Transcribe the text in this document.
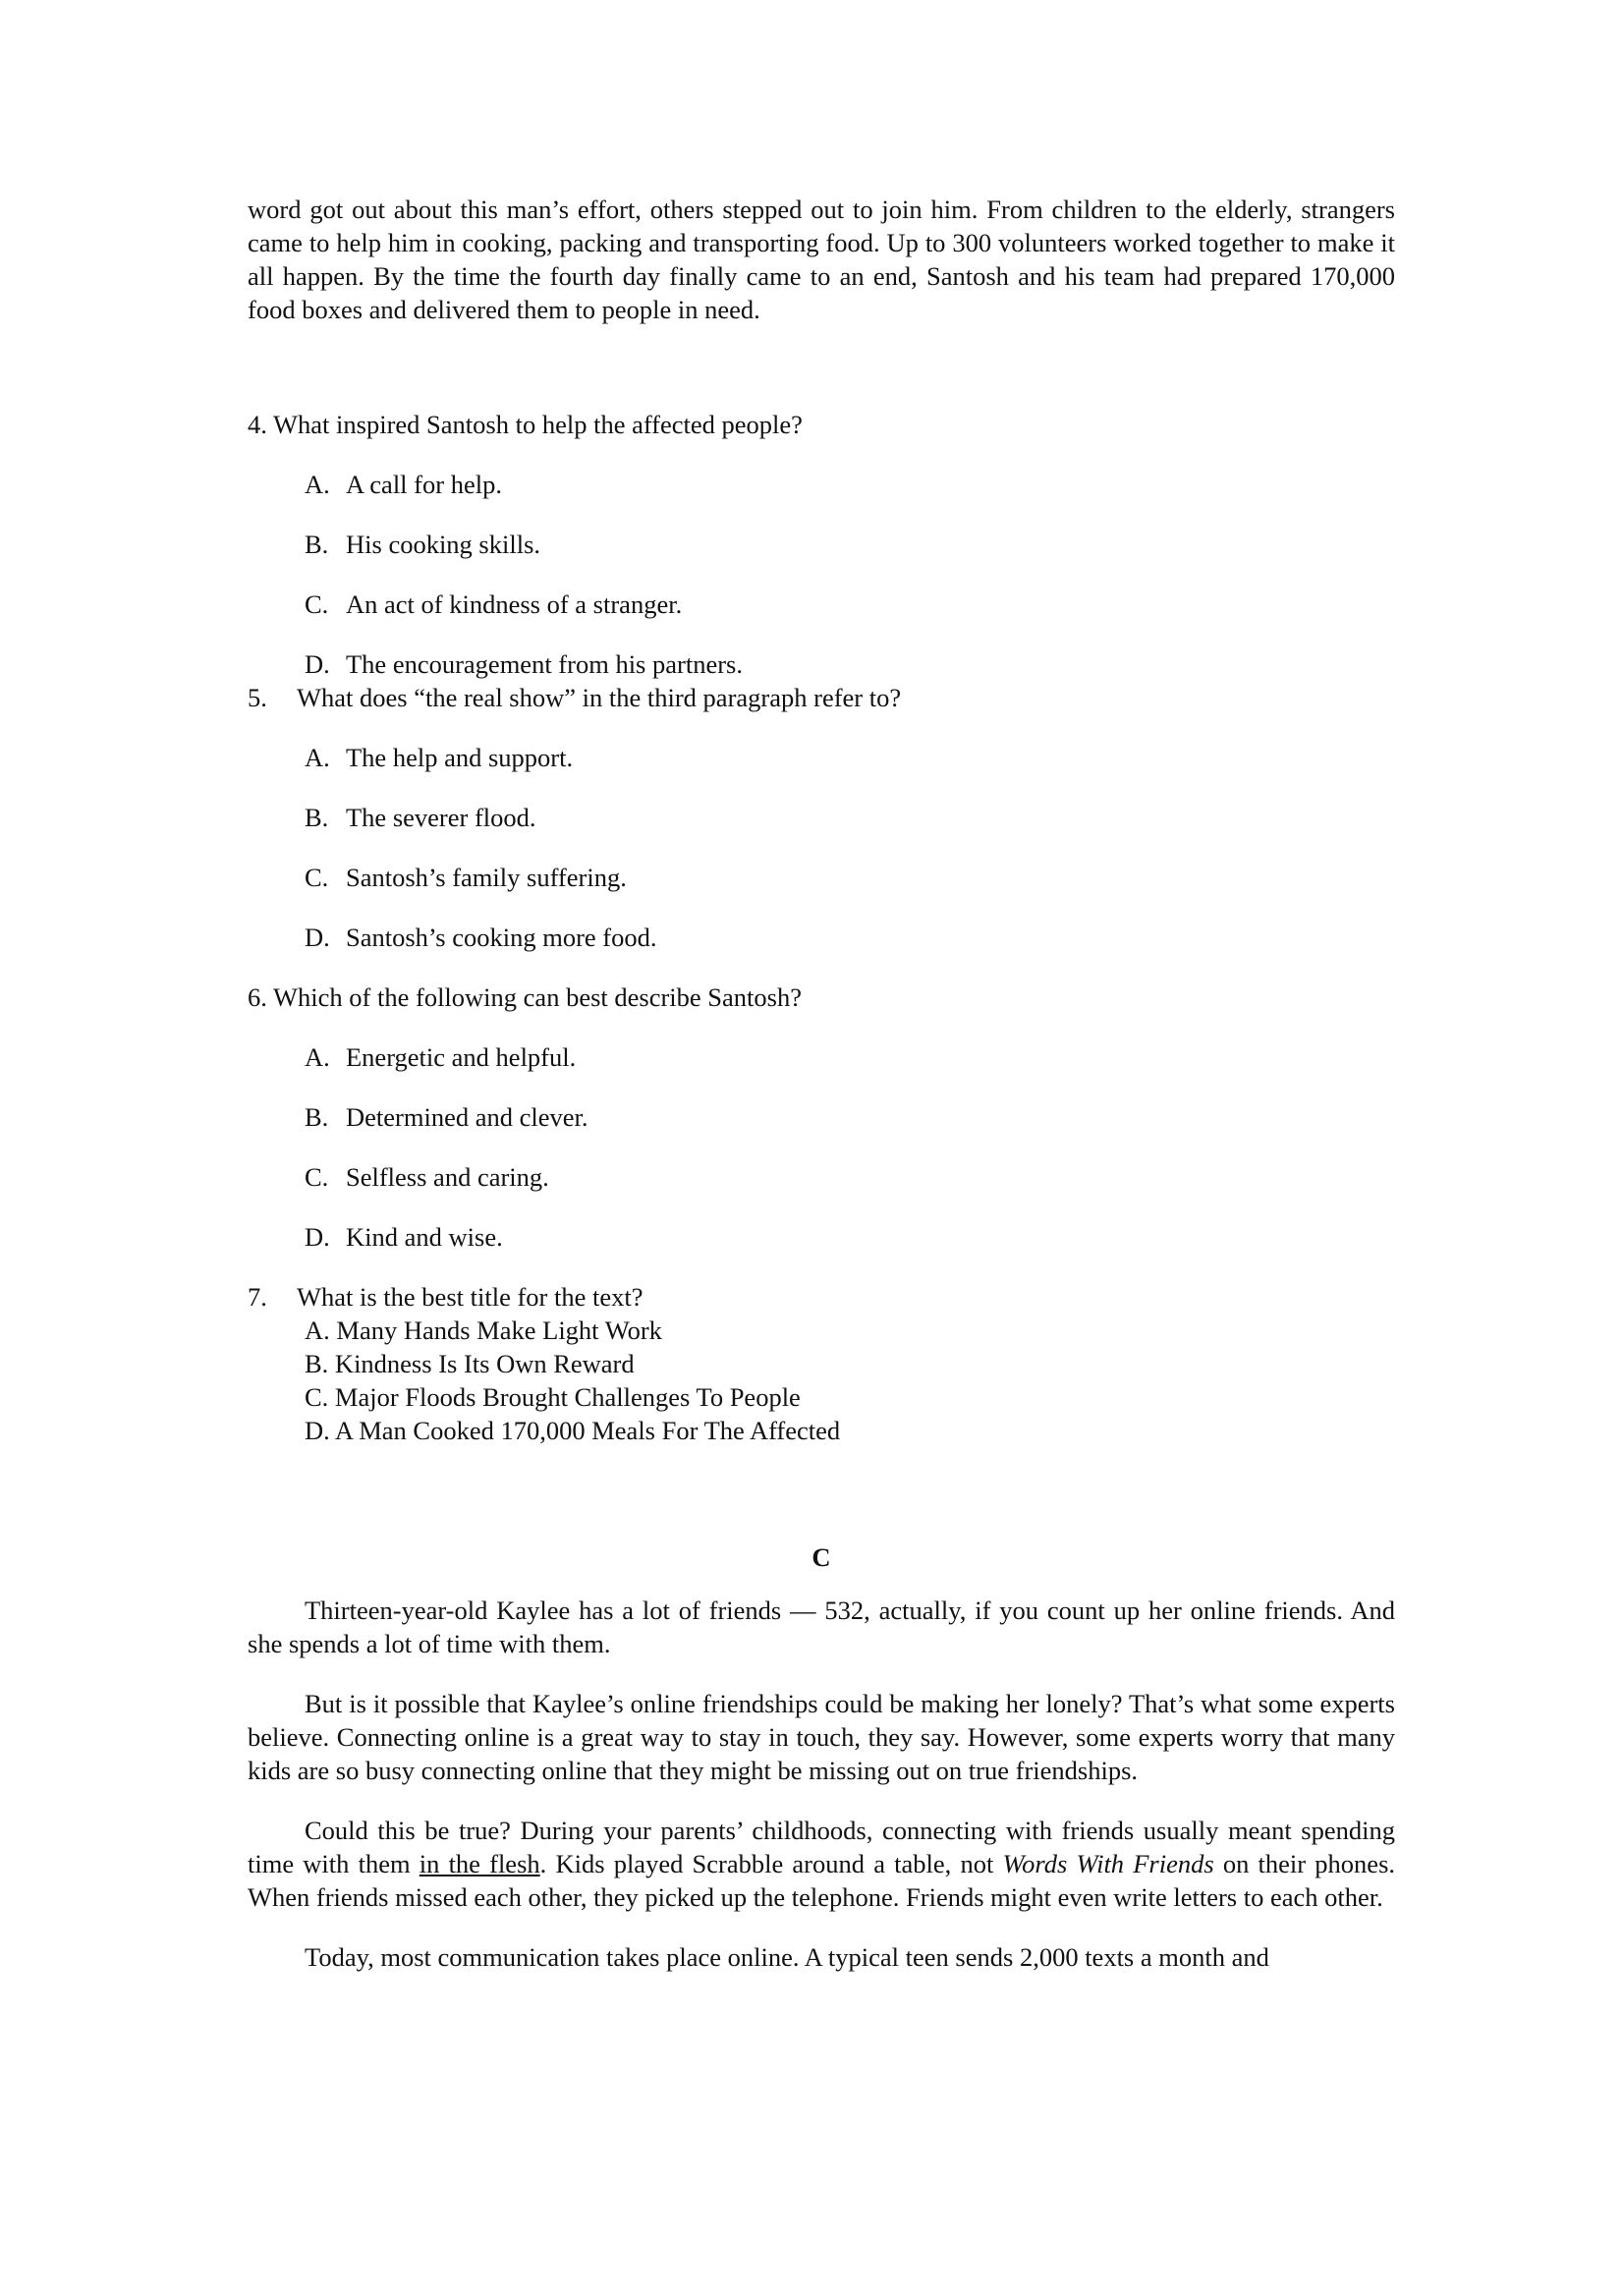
word got out about this man’s effort, others stepped out to join him. From children to the elderly, strangers came to help him in cooking, packing and transporting food. Up to 300 volunteers worked together to make it all happen. By the time the fourth day finally came to an end, Santosh and his team had prepared 170,000 food boxes and delivered them to people in need.

4. What inspired Santosh to help the affected people?

A. A call for help.

B. His cooking skills.

C. An act of kindness of a stranger.

D. The encouragement from his partners.

5. What does “the real show” in the third paragraph refer to?

A. The help and support.

B. The severer flood.

C. Santosh’s family suffering.

D. Santosh’s cooking more food.

6. Which of the following can best describe Santosh?

A. Energetic and helpful.

B. Determined and clever.

C. Selfless and caring.

D. Kind and wise.

7. What is the best title for the text?

A. Many Hands Make Light Work

B. Kindness Is Its Own Reward

C. Major Floods Brought Challenges To People

D. A Man Cooked 170,000 Meals For The Affected

C

Thirteen-year-old Kaylee has a lot of friends — 532, actually, if you count up her online friends. And she spends a lot of time with them.

But is it possible that Kaylee’s online friendships could be making her lonely? That’s what some experts believe. Connecting online is a great way to stay in touch, they say. However, some experts worry that many kids are so busy connecting online that they might be missing out on true friendships.

Could this be true? During your parents’ childhoods, connecting with friends usually meant spending time with them in the flesh. Kids played Scrabble around a table, not Words With Friends on their phones. When friends missed each other, they picked up the telephone. Friends might even write letters to each other.

Today, most communication takes place online. A typical teen sends 2,000 texts a month and
